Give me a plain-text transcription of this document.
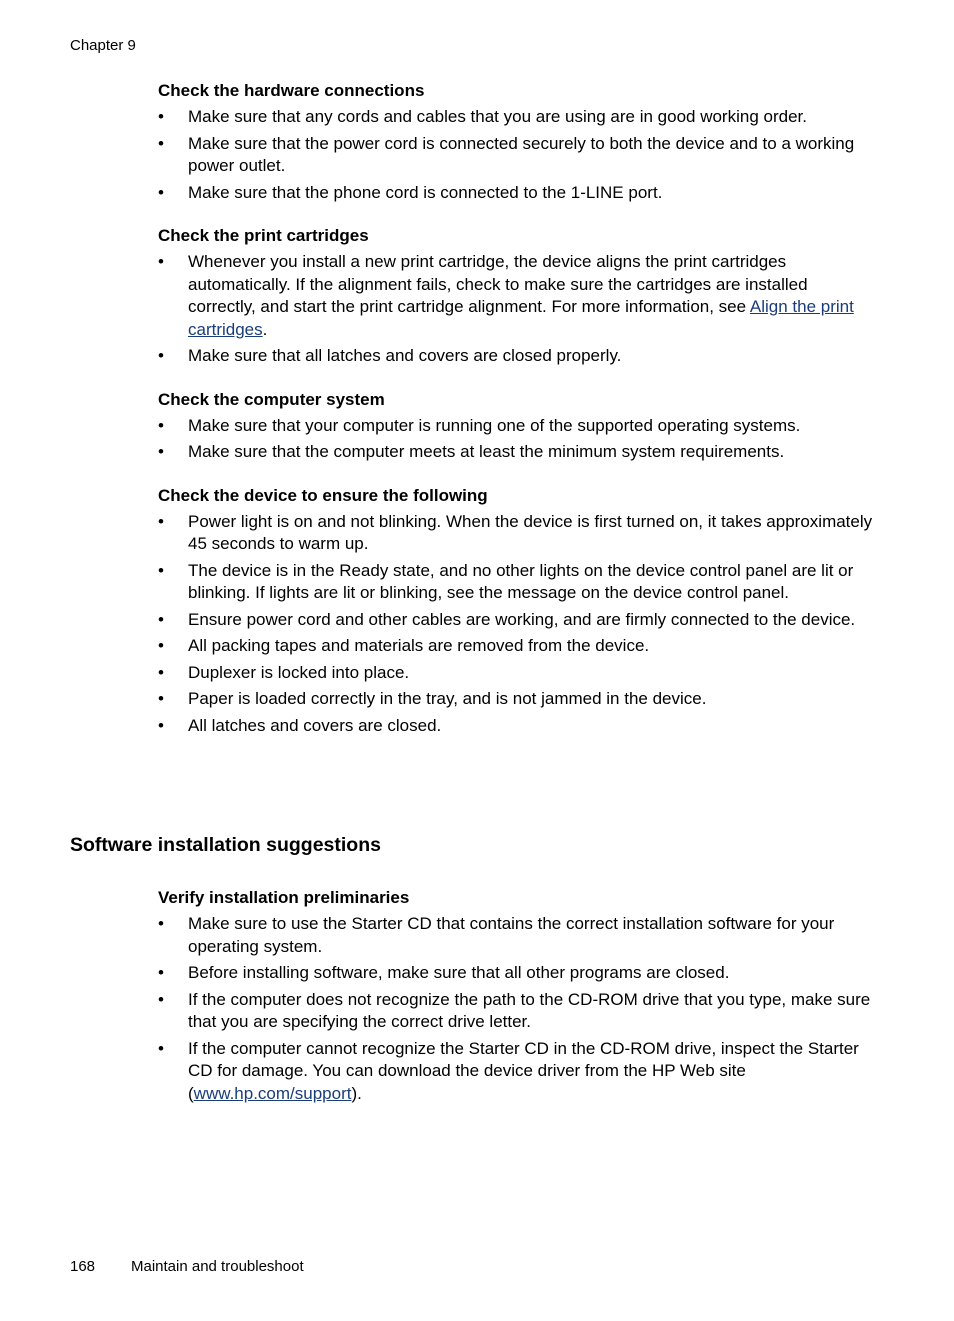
Chapter 9
Check the hardware connections
• Make sure that any cords and cables that you are using are in good working order.
• Make sure that the power cord is connected securely to both the device and to a working power outlet.
• Make sure that the phone cord is connected to the 1-LINE port.
Check the print cartridges
• Whenever you install a new print cartridge, the device aligns the print cartridges automatically. If the alignment fails, check to make sure the cartridges are installed correctly, and start the print cartridge alignment. For more information, see Align the print cartridges.
• Make sure that all latches and covers are closed properly.
Check the computer system
• Make sure that your computer is running one of the supported operating systems.
• Make sure that the computer meets at least the minimum system requirements.
Check the device to ensure the following
• Power light is on and not blinking. When the device is first turned on, it takes approximately 45 seconds to warm up.
• The device is in the Ready state, and no other lights on the device control panel are lit or blinking. If lights are lit or blinking, see the message on the device control panel.
• Ensure power cord and other cables are working, and are firmly connected to the device.
• All packing tapes and materials are removed from the device.
• Duplexer is locked into place.
• Paper is loaded correctly in the tray, and is not jammed in the device.
• All latches and covers are closed.
Software installation suggestions
Verify installation preliminaries
• Make sure to use the Starter CD that contains the correct installation software for your operating system.
• Before installing software, make sure that all other programs are closed.
• If the computer does not recognize the path to the CD-ROM drive that you type, make sure that you are specifying the correct drive letter.
• If the computer cannot recognize the Starter CD in the CD-ROM drive, inspect the Starter CD for damage. You can download the device driver from the HP Web site (www.hp.com/support).
168 Maintain and troubleshoot
